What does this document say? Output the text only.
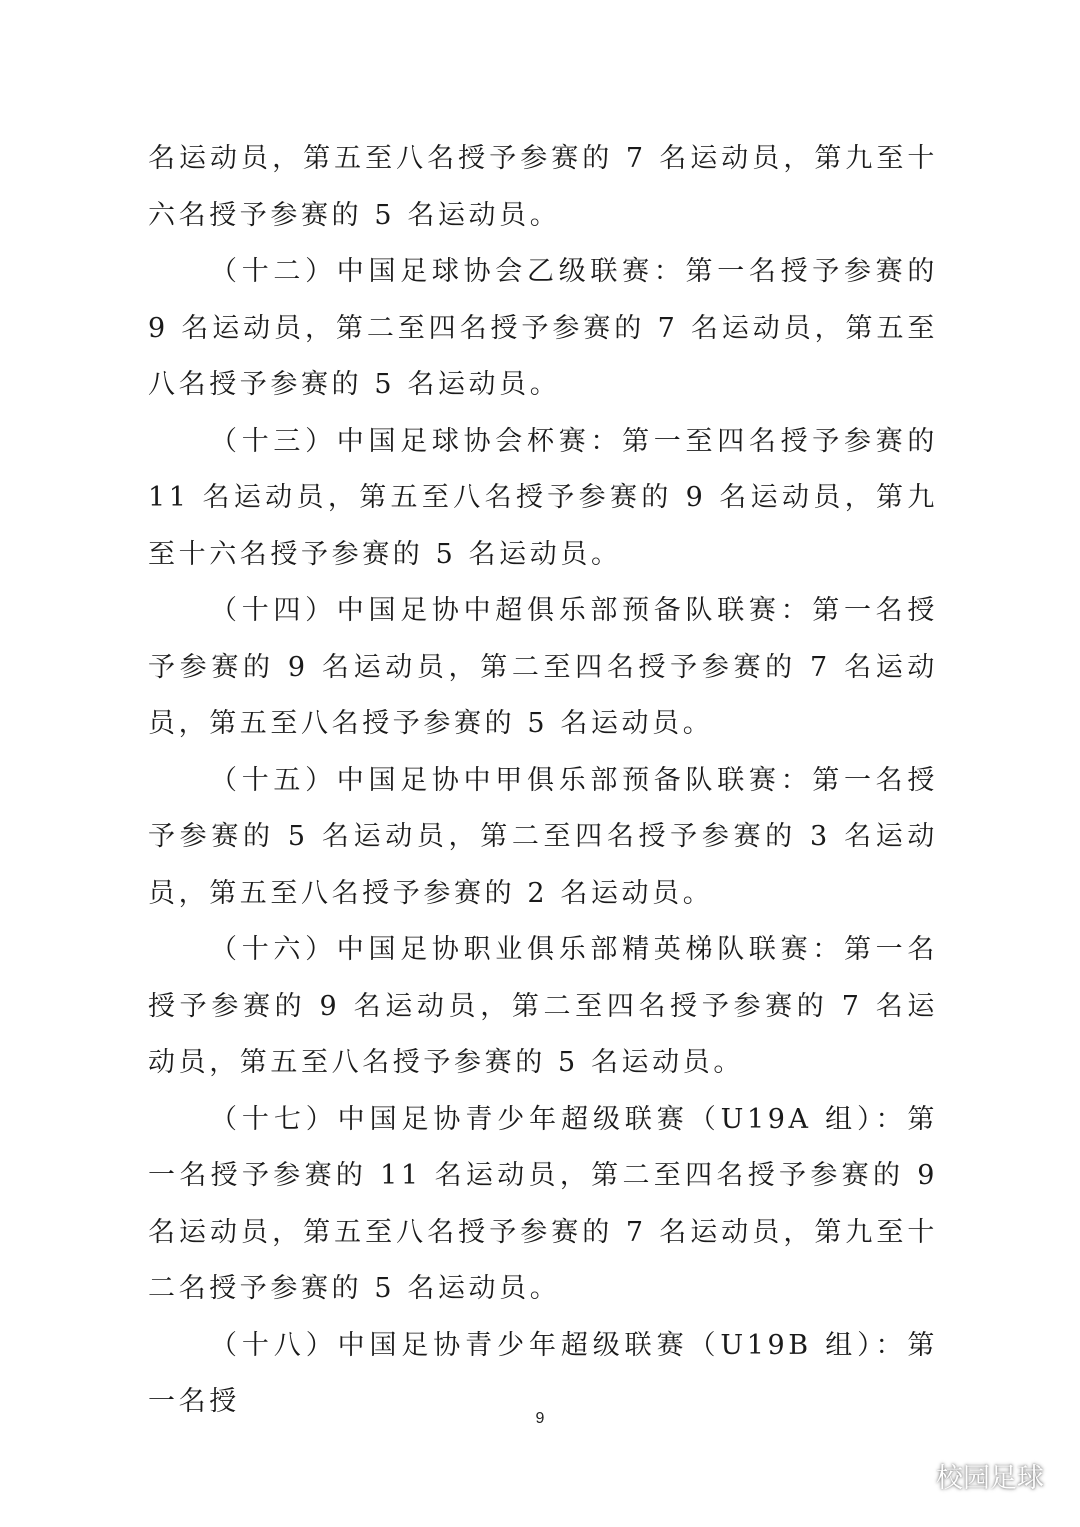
名运动员，第五至八名授予参赛的 7 名运动员，第九至十六名授予参赛的 5 名运动员。

（十二）中国足球协会乙级联赛：第一名授予参赛的 9 名运动员，第二至四名授予参赛的 7 名运动员，第五至八名授予参赛的 5 名运动员。

（十三）中国足球协会杯赛：第一至四名授予参赛的 11 名运动员，第五至八名授予参赛的 9 名运动员，第九至十六名授予参赛的 5 名运动员。

（十四）中国足协中超俱乐部预备队联赛：第一名授予参赛的 9 名运动员，第二至四名授予参赛的 7 名运动员，第五至八名授予参赛的 5 名运动员。

（十五）中国足协中甲俱乐部预备队联赛：第一名授予参赛的 5 名运动员，第二至四名授予参赛的 3 名运动员，第五至八名授予参赛的 2 名运动员。

（十六）中国足协职业俱乐部精英梯队联赛：第一名授予参赛的 9 名运动员，第二至四名授予参赛的 7 名运动员，第五至八名授予参赛的 5 名运动员。

（十七）中国足协青少年超级联赛（U19A 组）：第一名授予参赛的 11 名运动员，第二至四名授予参赛的 9 名运动员，第五至八名授予参赛的 7 名运动员，第九至十二名授予参赛的 5 名运动员。

（十八）中国足协青少年超级联赛（U19B 组）：第一名授

9
校园足球
